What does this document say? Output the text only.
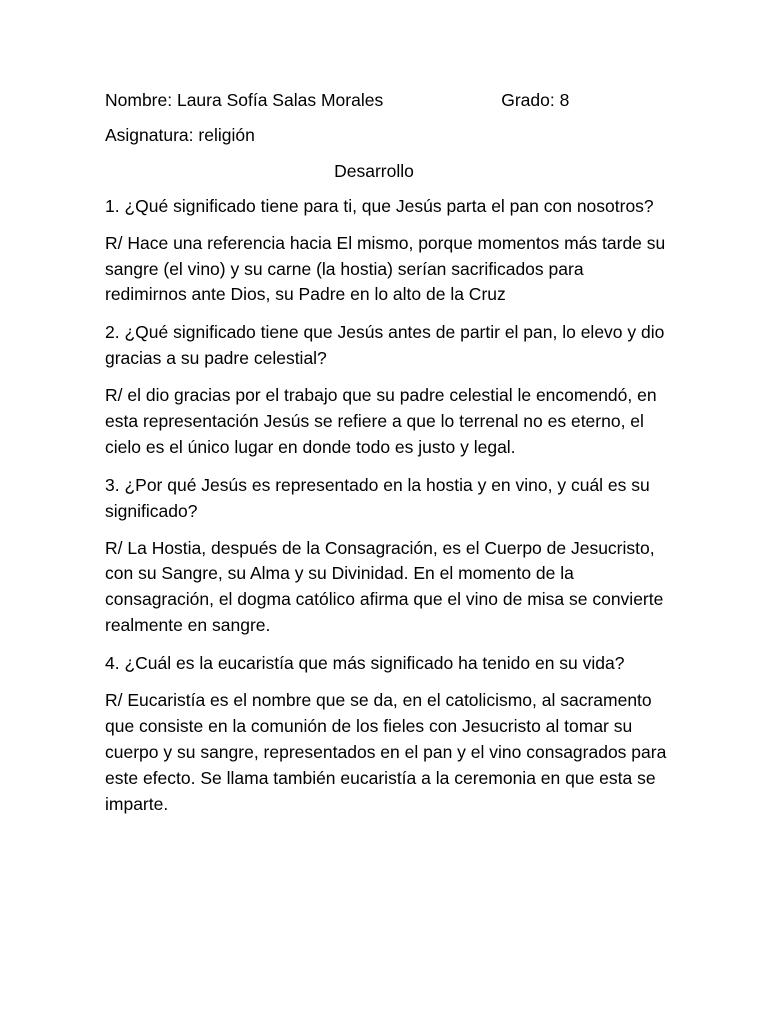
Nombre: Laura Sofía Salas Morales	Grado: 8
Asignatura: religión
Desarrollo

1. ¿Qué significado tiene para ti, que Jesús parta el pan con nosotros?

R/ Hace una referencia hacia El mismo, porque momentos más tarde su sangre (el vino) y su carne (la hostia) serían sacrificados para redimirnos ante Dios, su Padre en lo alto de la Cruz

2. ¿Qué significado tiene que Jesús antes de partir el pan, lo elevo y dio gracias a su padre celestial?

R/ el dio gracias por el trabajo que su padre celestial le encomendó, en esta representación Jesús se refiere a que lo terrenal no es eterno, el cielo es el único lugar en donde todo es justo y legal.

3. ¿Por qué Jesús es representado en la hostia y en vino, y cuál es su significado?

R/ La Hostia, después de la Consagración, es el Cuerpo de Jesucristo, con su Sangre, su Alma y su Divinidad. En el momento de la consagración, el dogma católico afirma que el vino de misa se convierte realmente en sangre.

4. ¿Cuál es la eucaristía que más significado ha tenido en su vida?

R/ Eucaristía es el nombre que se da, en el catolicismo, al sacramento que consiste en la comunión de los fieles con Jesucristo al tomar su cuerpo y su sangre, representados en el pan y el vino consagrados para este efecto. Se llama también eucaristía a la ceremonia en que esta se imparte.
